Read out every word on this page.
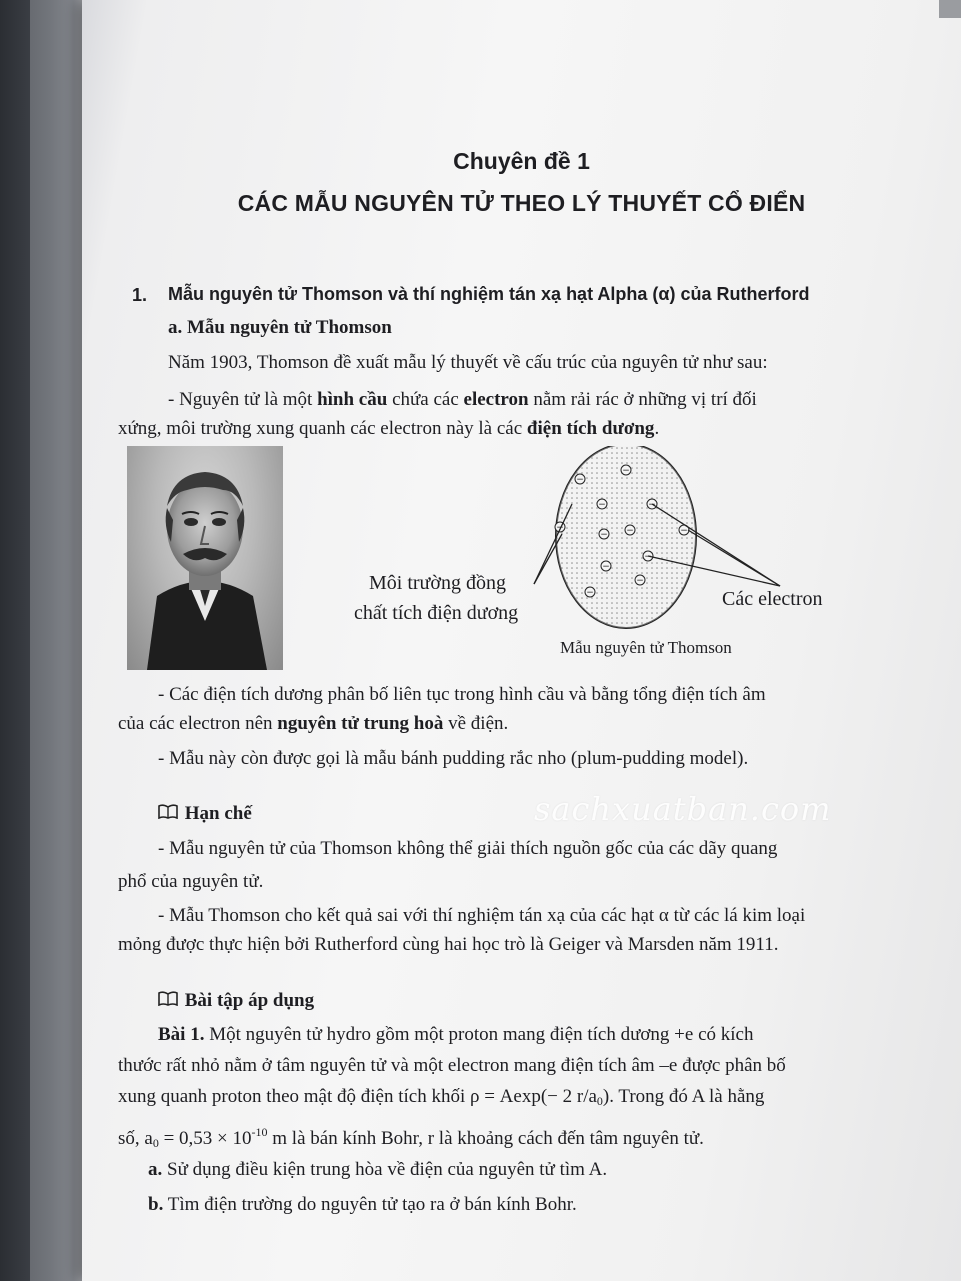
Chuyên đề 1
CÁC MẪU NGUYÊN TỬ THEO LÝ THUYẾT CỔ ĐIỂN
1. Mẫu nguyên tử Thomson và thí nghiệm tán xạ hạt Alpha (α) của Rutherford
a. Mẫu nguyên tử Thomson
Năm 1903, Thomson đề xuất mẫu lý thuyết về cấu trúc của nguyên tử như sau:
- Nguyên tử là một hình cầu chứa các electron nằm rải rác ở những vị trí đối
xứng, môi trường xung quanh các electron này là các điện tích dương.
−
−
−	−
−
− −	−
−
−
−
−
Môi trường đồng
chất tích điện dương
Các electron
Mẫu nguyên tử Thomson
- Các điện tích dương phân bố liên tục trong hình cầu và bằng tổng điện tích âm
của các electron nên nguyên tử trung hoà về điện.
- Mẫu này còn được gọi là mẫu bánh pudding rắc nho (plum-pudding model).
Hạn chế
- Mẫu nguyên tử của Thomson không thể giải thích nguồn gốc của các dãy quang
phổ của nguyên tử.
- Mẫu Thomson cho kết quả sai với thí nghiệm tán xạ của các hạt α từ các lá kim loại
mỏng được thực hiện bởi Rutherford cùng hai học trò là Geiger và Marsden năm 1911.
Bài tập áp dụng
Bài 1. Một nguyên tử hydro gồm một proton mang điện tích dương +e có kích
thước rất nhỏ nằm ở tâm nguyên tử và một electron mang điện tích âm –e được phân bố
xung quanh proton theo mật độ điện tích khối ρ = Aexp(− 2 $r/a_0$). Trong đó A là hằng
số, $a_0 = 0,53 \times 10^{-10}$ m là bán kính Bohr, r là khoảng cách đến tâm nguyên tử.
a. Sử dụng điều kiện trung hòa về điện của nguyên tử tìm A.
b. Tìm điện trường do nguyên tử tạo ra ở bán kính Bohr.
sachxuatban.com
